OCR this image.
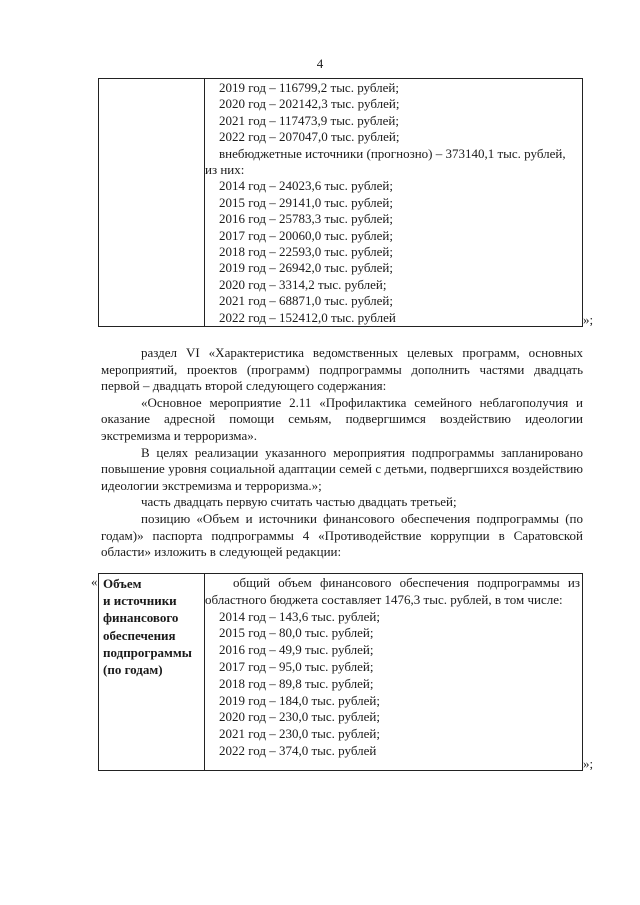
4
2019 год – 116799,2 тыс. рублей;
2020 год – 202142,3 тыс. рублей;
2021 год – 117473,9 тыс. рублей;
2022 год – 207047,0 тыс. рублей;
внебюджетные источники (прогнозно) – 373140,1 тыс. рублей,
из них:
2014 год – 24023,6 тыс. рублей;
2015 год – 29141,0 тыс. рублей;
2016 год – 25783,3 тыс. рублей;
2017 год – 20060,0 тыс. рублей;
2018 год – 22593,0 тыс. рублей;
2019 год – 26942,0 тыс. рублей;
2020 год – 3314,2 тыс. рублей;
2021 год – 68871,0 тыс. рублей;
2022 год – 152412,0 тыс. рублей	»;

раздел VI «Характеристика ведомственных целевых программ, основных мероприятий, проектов (программ) подпрограммы дополнить частями двадцать первой – двадцать второй следующего содержания:

«Основное мероприятие 2.11 «Профилактика семейного неблагополучия и оказание адресной помощи семьям, подвергшимся воздействию идеологии экстремизма и терроризма».

В целях реализации указанного мероприятия подпрограммы запланировано повышение уровня социальной адаптации семей с детьми, подвергшихся воздействию идеологии экстремизма и терроризма.»;

часть двадцать первую считать частью двадцать третьей;

позицию «Объем и источники финансового обеспечения подпрограммы (по годам)» паспорта подпрограммы 4 «Противодействие коррупции в Саратовской области» изложить в следующей редакции:

« Объем
и источники
финансового
обеспечения
подпрограммы
(по годам)
общий объем финансового обеспечения подпрограммы из областного бюджета составляет 1476,3 тыс. рублей, в том числе:
2014 год – 143,6 тыс. рублей;
2015 год – 80,0 тыс. рублей;
2016 год – 49,9 тыс. рублей;
2017 год – 95,0 тыс. рублей;
2018 год – 89,8 тыс. рублей;
2019 год – 184,0 тыс. рублей;
2020 год – 230,0 тыс. рублей;
2021 год – 230,0 тыс. рублей;
2022 год – 374,0 тыс. рублей
»;
